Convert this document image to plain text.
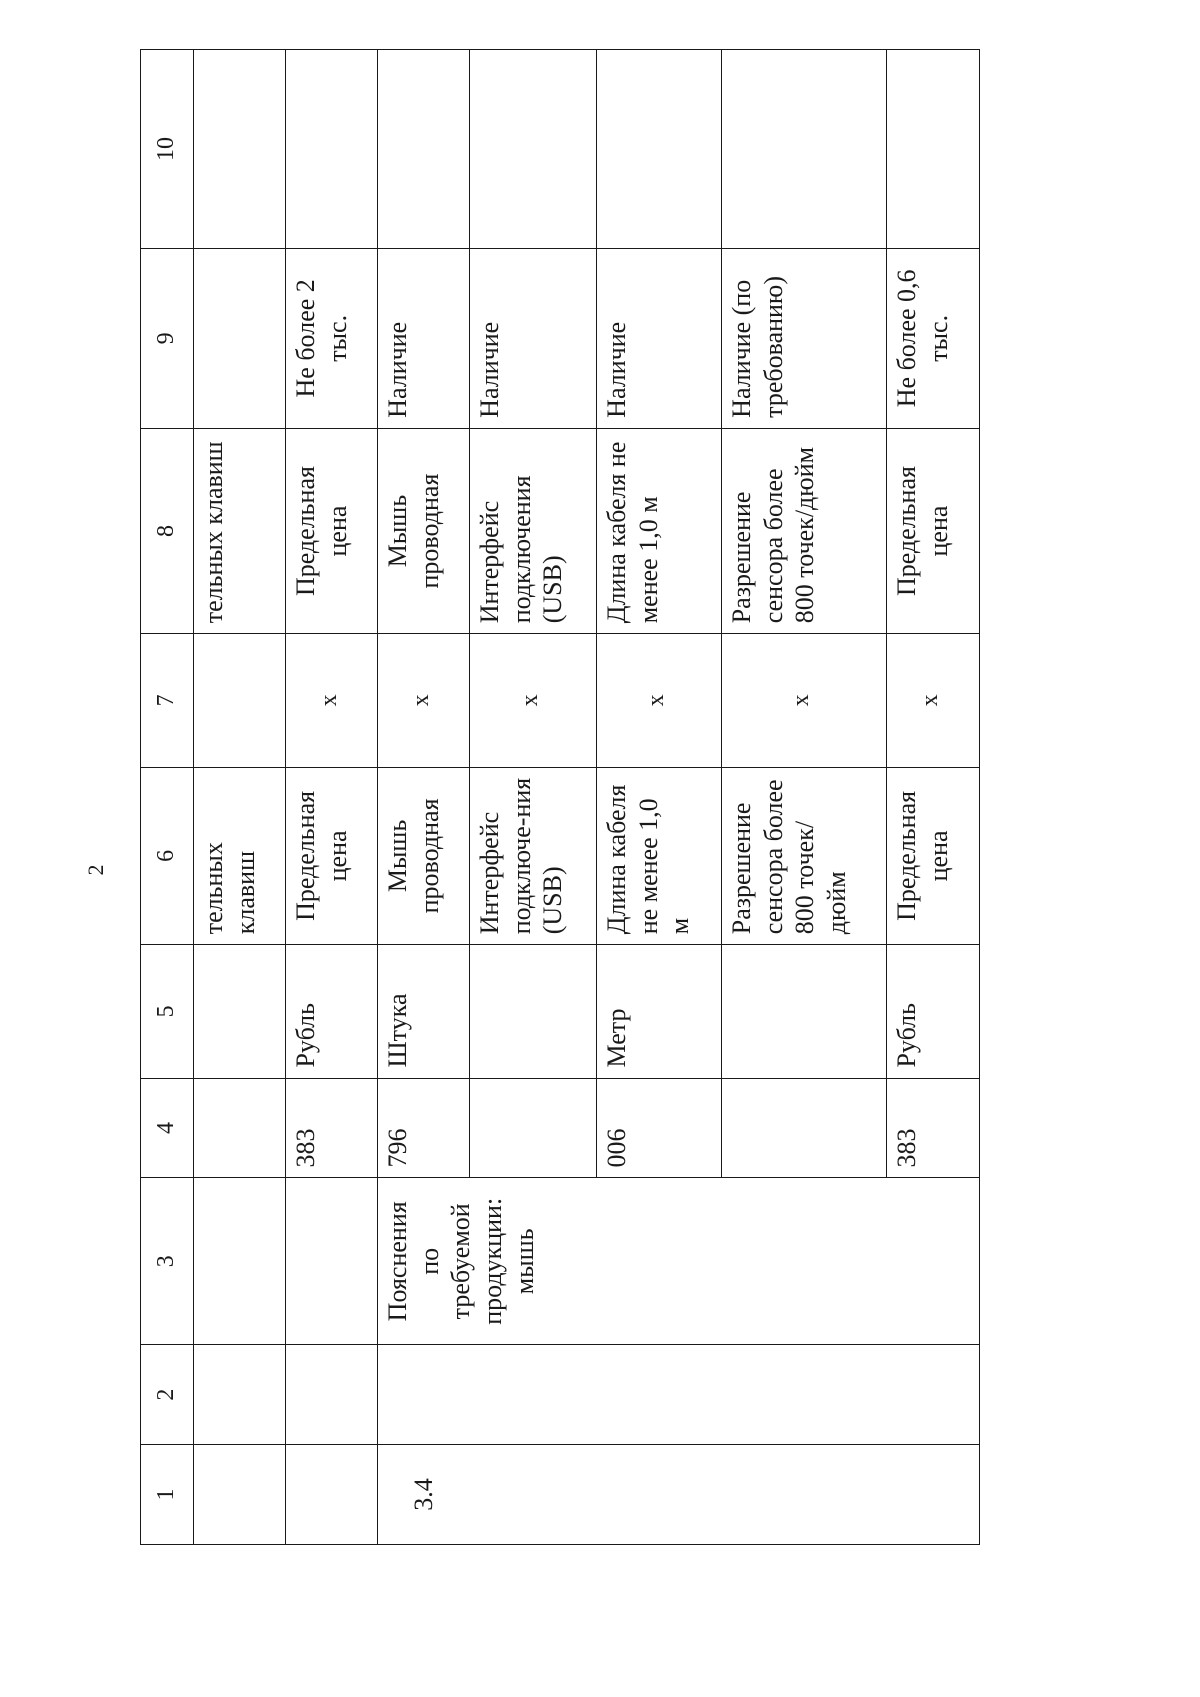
2
1	2	3	4	5	6	7	8	9	10
					тельных клавиш		тельных клавиш		
			383	Рубль	Предельная цена	x	Предельная цена	Не более 2 тыс.	
3.4		Пояснения по требуемой продукции: мышь	796	Штука	Мышь проводная	x	Мышь проводная	Наличие	
					Интерфейс подключе-ния (USB)	x	Интерфейс подключения (USB)	Наличие	
			006	Метр	Длина кабеля не менее 1,0 м	x	Длина кабеля не менее 1,0 м	Наличие	
					Разрешение сенсора более 800 точек/дюйм	x	Разрешение сенсора более 800 точек/дюйм	Наличие (по требованию)	
			383	Рубль	Предельная цена	x	Предельная цена	Не более 0,6 тыс.	
